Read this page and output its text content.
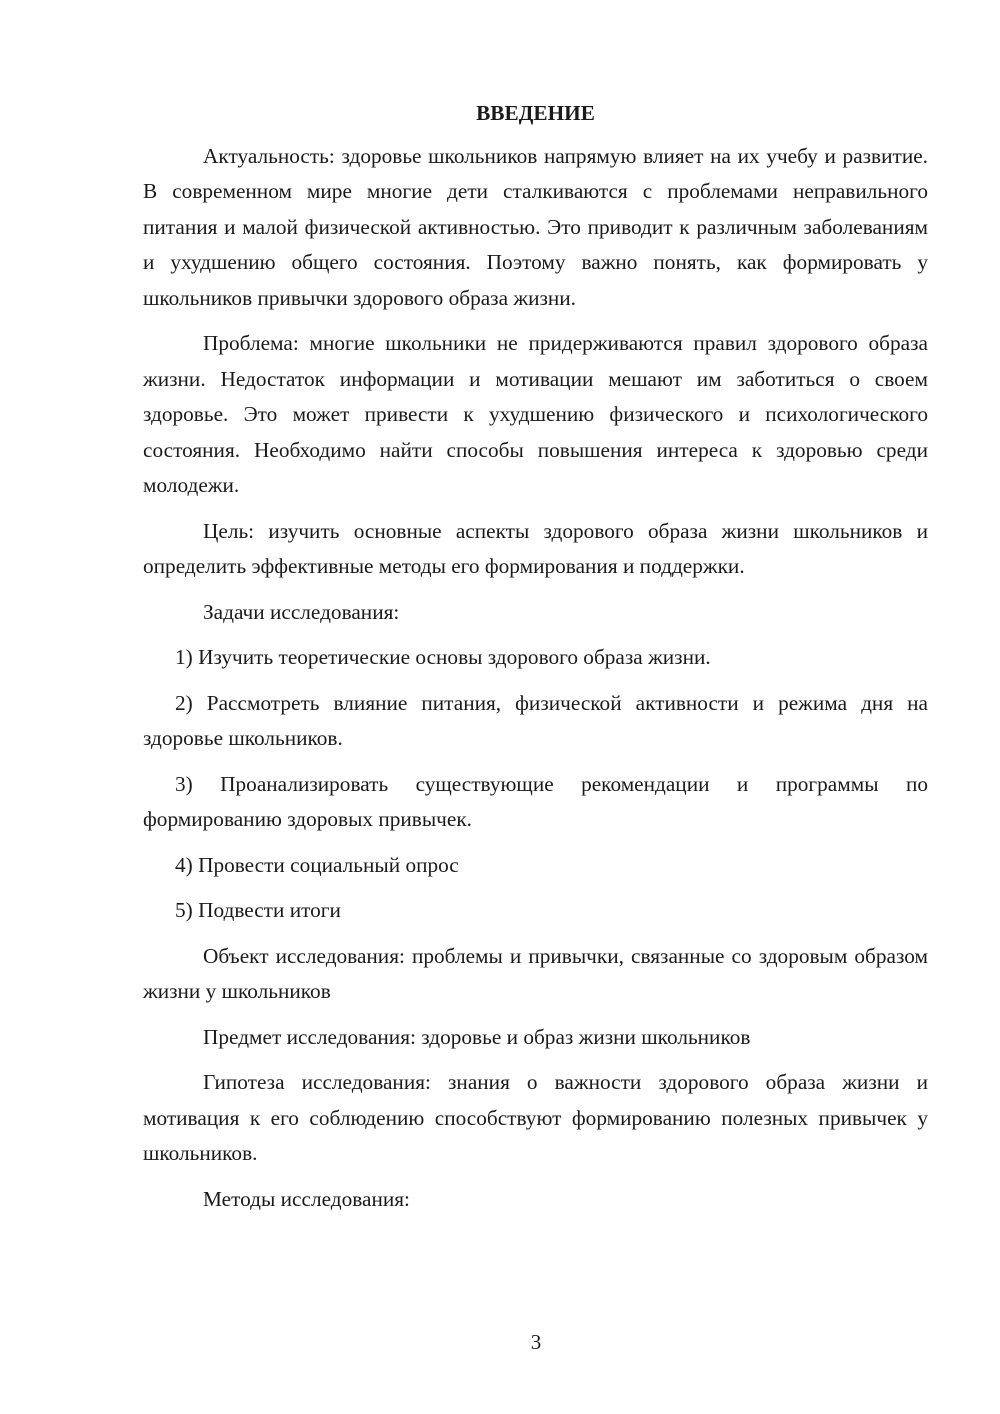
ВВЕДЕНИЕ

Актуальность: здоровье школьников напрямую влияет на их учебу и развитие. В современном мире многие дети сталкиваются с проблемами неправильного питания и малой физической активностью. Это приводит к различным заболеваниям и ухудшению общего состояния. Поэтому важно понять, как формировать у школьников привычки здорового образа жизни.

Проблема: многие школьники не придерживаются правил здорового образа жизни. Недостаток информации и мотивации мешают им заботиться о своем здоровье. Это может привести к ухудшению физического и психологического состояния. Необходимо найти способы повышения интереса к здоровью среди молодежи.

Цель: изучить основные аспекты здорового образа жизни школьников и определить эффективные методы его формирования и поддержки.

Задачи исследования:

1) Изучить теоретические основы здорового образа жизни.

2) Рассмотреть влияние питания, физической активности и режима дня на здоровье школьников.

3) Проанализировать существующие рекомендации и программы по формированию здоровых привычек.

4) Провести социальный опрос

5) Подвести итоги

Объект исследования: проблемы и привычки, связанные со здоровым образом жизни у школьников

Предмет исследования: здоровье и образ жизни школьников

Гипотеза исследования: знания о важности здорового образа жизни и мотивация к его соблюдению способствуют формированию полезных привычек у школьников.

Методы исследования:

3
